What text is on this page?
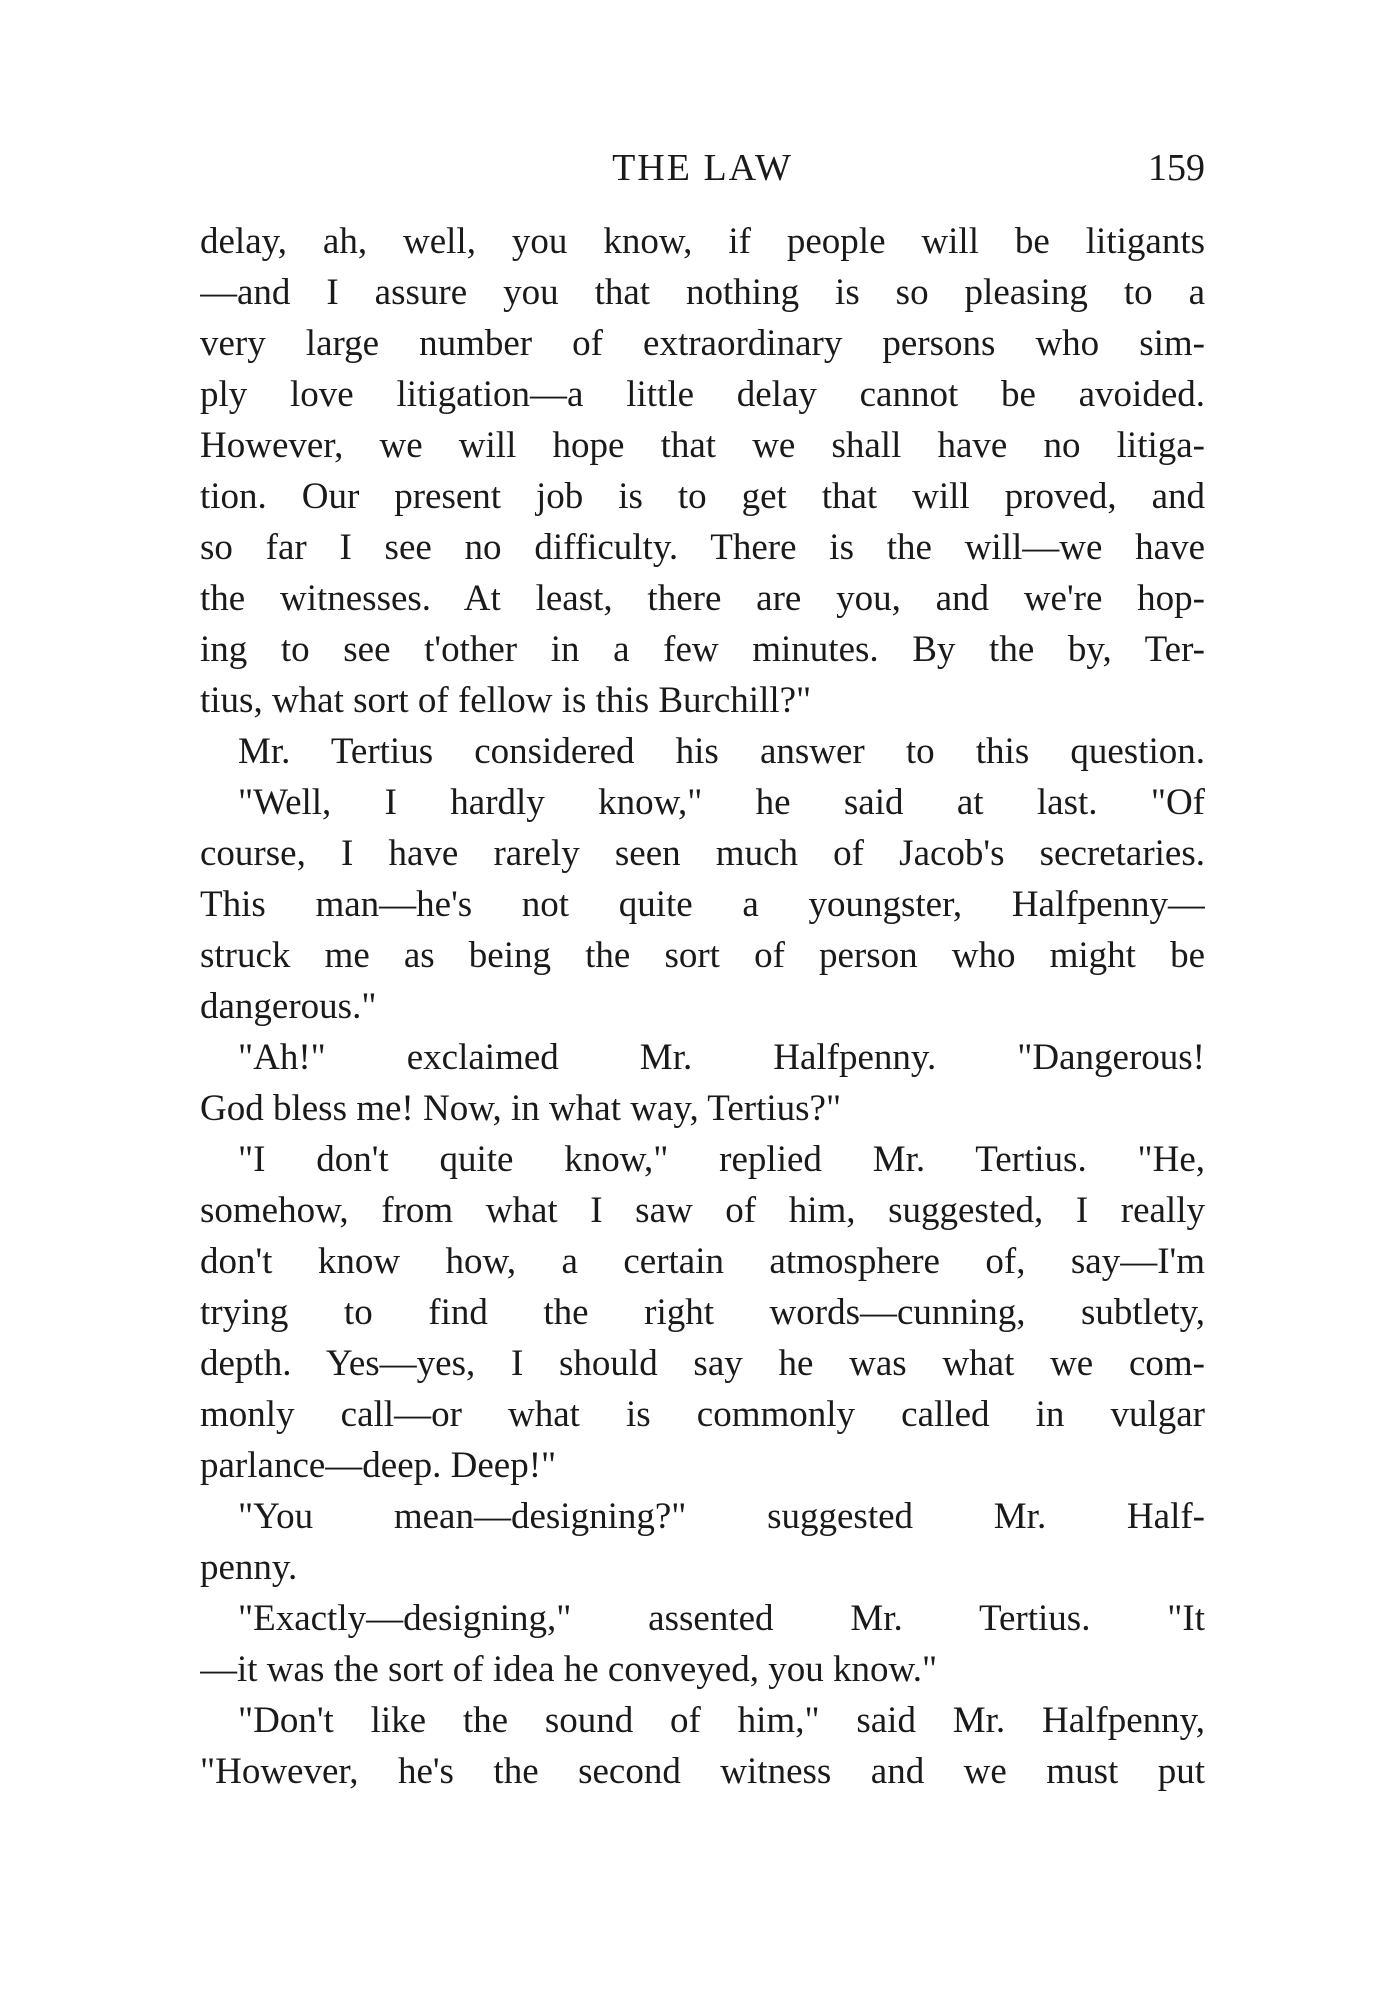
THE LAW	159
delay, ah, well, you know, if people will be litigants
—and I assure you that nothing is so pleasing to a
very large number of extraordinary persons who sim-
ply love litigation—a little delay cannot be avoided.
However, we will hope that we shall have no litiga-
tion. Our present job is to get that will proved, and
so far I see no difficulty. There is the will—we have
the witnesses. At least, there are you, and we're hop-
ing to see t'other in a few minutes. By the by, Ter-
tius, what sort of fellow is this Burchill?"
Mr. Tertius considered his answer to this question.
"Well, I hardly know," he said at last. "Of
course, I have rarely seen much of Jacob's secretaries.
This man—he's not quite a youngster, Halfpenny—
struck me as being the sort of person who might be
dangerous."
"Ah!" exclaimed Mr. Halfpenny. "Dangerous!
God bless me! Now, in what way, Tertius?"
"I don't quite know," replied Mr. Tertius. "He,
somehow, from what I saw of him, suggested, I really
don't know how, a certain atmosphere of, say—I'm
trying to find the right words—cunning, subtlety,
depth. Yes—yes, I should say he was what we com-
monly call—or what is commonly called in vulgar
parlance—deep. Deep!"
"You mean—designing?" suggested Mr. Half-
penny.
"Exactly—designing," assented Mr. Tertius. "It
—it was the sort of idea he conveyed, you know."
"Don't like the sound of him," said Mr. Halfpenny,
"However, he's the second witness and we must put
